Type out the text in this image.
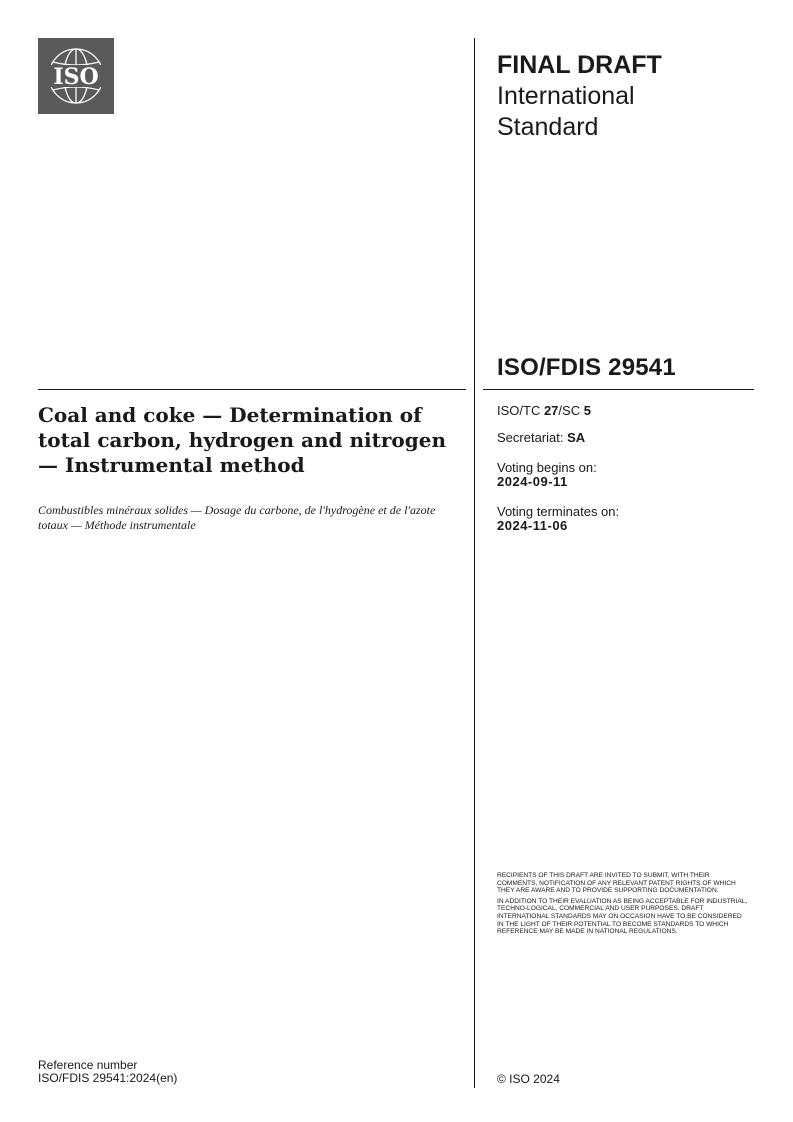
ISO	FINAL DRAFT
International
Standard
ISO/FDIS 29541
Coal and coke — Determination of total carbon, hydrogen and nitrogen — Instrumental method
Combustibles minéraux solides — Dosage du carbone, de l'hydrogène et de l'azote totaux — Méthode instrumentale
ISO/TC 27/SC 5
Secretariat: SA
Voting begins on:
2024-09-11
Voting terminates on:
2024-11-06

RECIPIENTS OF THIS DRAFT ARE INVITED TO SUBMIT, WITH THEIR COMMENTS, NOTIFICATION OF ANY RELEVANT PATENT RIGHTS OF WHICH THEY ARE AWARE AND TO PROVIDE SUPPORTING DOCUMENTATION.

IN ADDITION TO THEIR EVALUATION AS BEING ACCEPTABLE FOR INDUSTRIAL, TECHNO-LOGICAL, COMMERCIAL AND USER PURPOSES, DRAFT INTERNATIONAL STANDARDS MAY ON OCCASION HAVE TO BE CONSIDERED IN THE LIGHT OF THEIR POTENTIAL TO BECOME STANDARDS TO WHICH REFERENCE MAY BE MADE IN NATIONAL REGULATIONS.

Reference number
ISO/FDIS 29541:2024(en)	© ISO 2024
